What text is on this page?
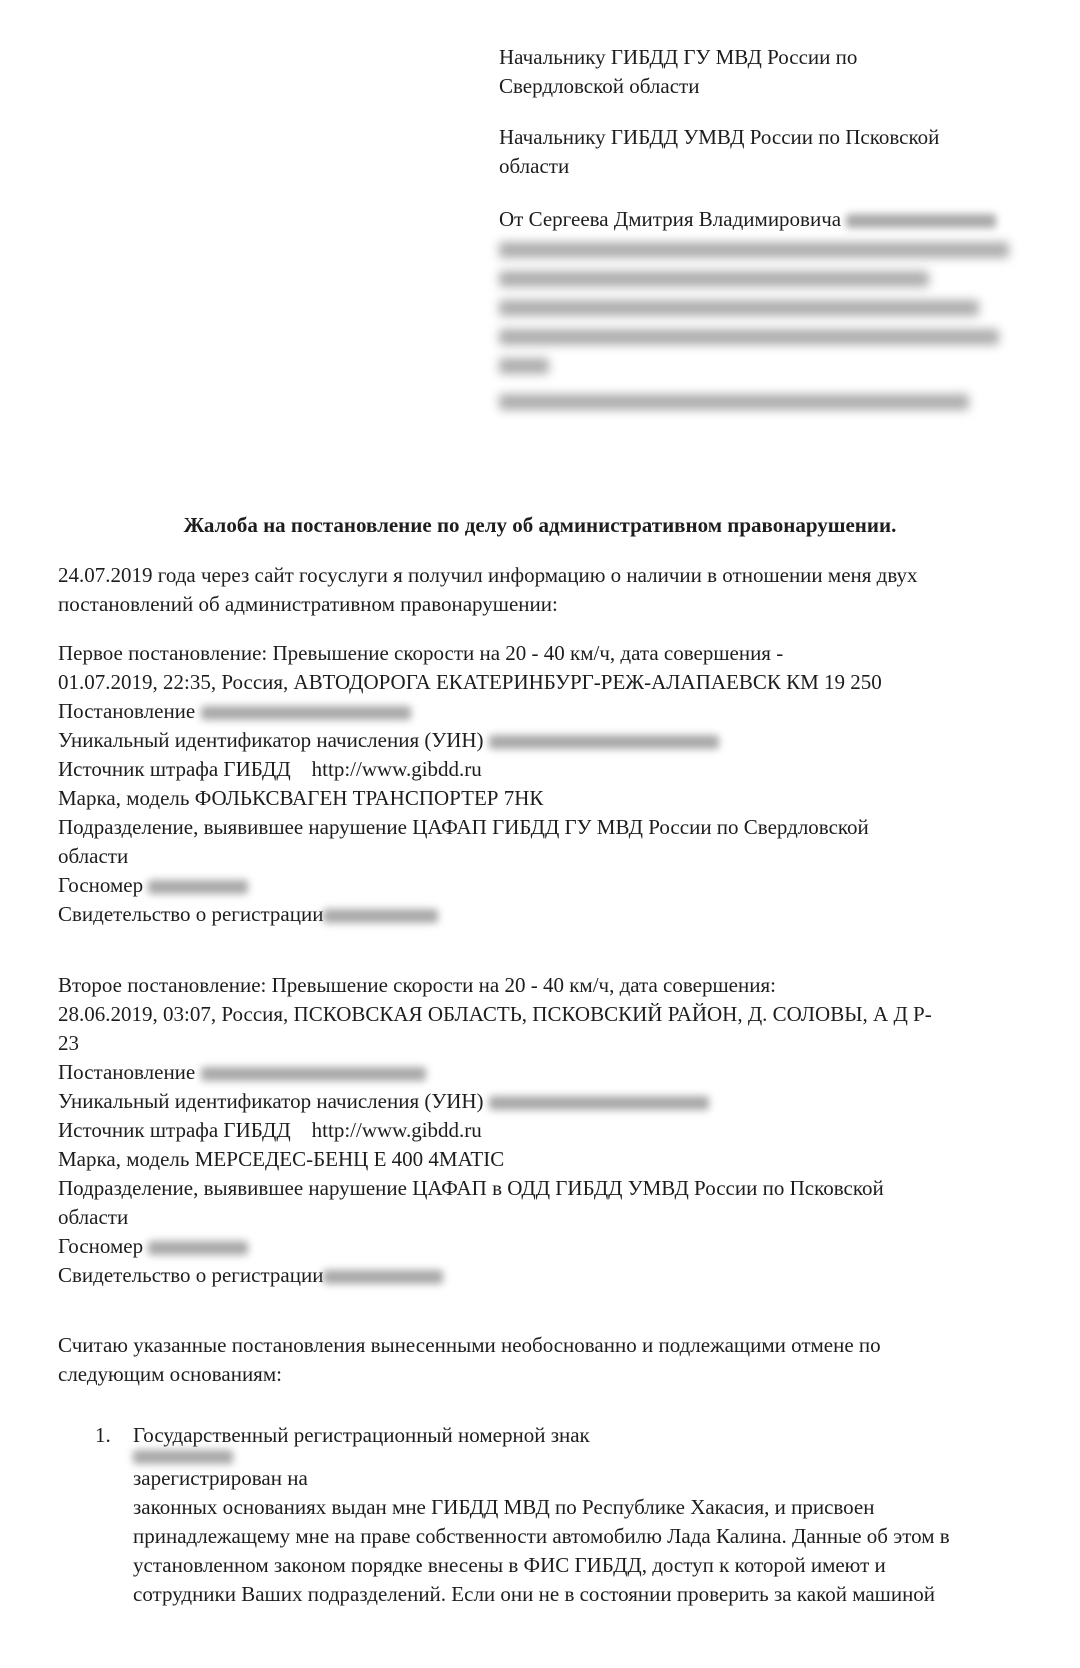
Начальнику ГИБДД ГУ МВД России по

Свердловской области

Начальнику ГИБДД УМВД России по Псковской

области

От Сергеева Дмитрия Владимировича

Жалоба на постановление по делу об административном правонарушении.

24.07.2019 года через сайт госуслуги я получил информацию о наличии в отношении меня двух

постановлений об административном правонарушении:

Первое постановление: Превышение скорости на 20 - 40 км/ч, дата совершения -

01.07.2019, 22:35, Россия, АВТОДОРОГА ЕКАТЕРИНБУРГ-РЕЖ-АЛАПАЕВСК КМ 19 250

Постановление

Уникальный идентификатор начисления (УИН)

Источник штрафа ГИБДД http://www.gibdd.ru

Марка, модель ФОЛЬКСВАГЕН ТРАНСПОРТЕР 7НК

Подразделение, выявившее нарушение ЦАФАП ГИБДД ГУ МВД России по Свердловской

области

Госномер

Свидетельство о регистрации

Второе постановление: Превышение скорости на 20 - 40 км/ч, дата совершения:

28.06.2019, 03:07, Россия, ПСКОВСКАЯ ОБЛАСТЬ, ПСКОВСКИЙ РАЙОН, Д. СОЛОВЫ, А Д Р-

23

Постановление

Уникальный идентификатор начисления (УИН)

Источник штрафа ГИБДД http://www.gibdd.ru

Марка, модель МЕРСЕДЕС-БЕНЦ Е 400 4MATIC

Подразделение, выявившее нарушение ЦАФАП в ОДД ГИБДД УМВД России по Псковской

области

Госномер

Свидетельство о регистрации

Считаю указанные постановления вынесенными необоснованно и подлежащими отмене по

следующим основаниям:

1. Государственный регистрационный номерной знак
зарегистрирован на
законных основаниях выдан мне ГИБДД МВД по Республике Хакасия, и присвоен
принадлежащему мне на праве собственности автомобилю Лада Калина. Данные об этом в
установленном законом порядке внесены в ФИС ГИБДД, доступ к которой имеют и
сотрудники Ваших подразделений. Если они не в состоянии проверить за какой машиной
